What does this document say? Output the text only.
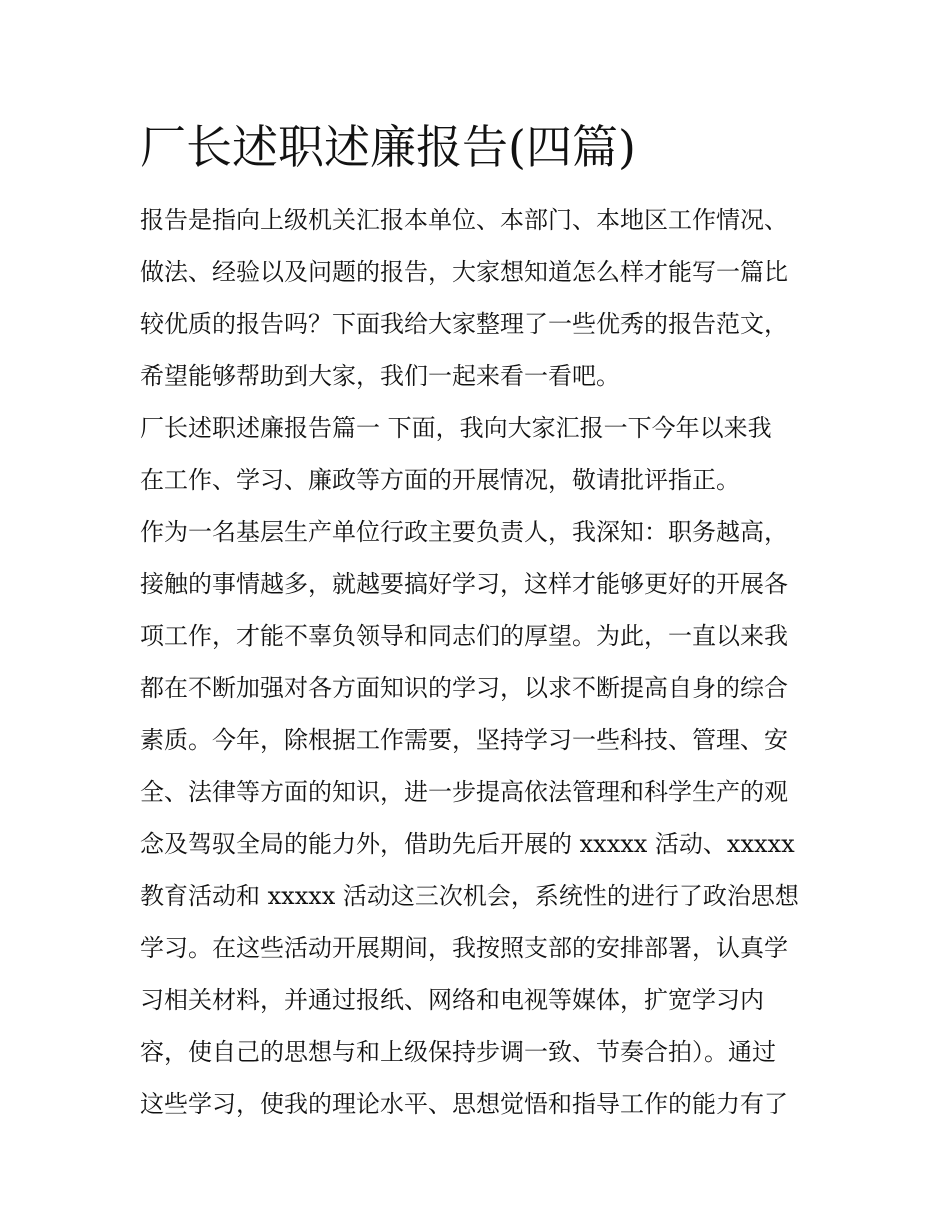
厂长述职述廉报告(四篇)
报告是指向上级机关汇报本单位、本部门、本地区工作情况、
做法、经验以及问题的报告，大家想知道怎么样才能写一篇比
较优质的报告吗？下面我给大家整理了一些优秀的报告范文，
希望能够帮助到大家，我们一起来看一看吧。
厂长述职述廉报告篇一 下面，我向大家汇报一下今年以来我
在工作、学习、廉政等方面的开展情况，敬请批评指正。
作为一名基层生产单位行政主要负责人，我深知：职务越高，
接触的事情越多，就越要搞好学习，这样才能够更好的开展各
项工作，才能不辜负领导和同志们的厚望。为此，一直以来我
都在不断加强对各方面知识的学习，以求不断提高自身的综合
素质。今年，除根据工作需要，坚持学习一些科技、管理、安
全、法律等方面的知识，进一步提高依法管理和科学生产的观
念及驾驭全局的能力外，借助先后开展的 xxxxx 活动、xxxxx
教育活动和 xxxxx 活动这三次机会，系统性的进行了政治思想
学习。在这些活动开展期间，我按照支部的安排部署，认真学
习相关材料，并通过报纸、网络和电视等媒体，扩宽学习内
容，使自己的思想与和上级保持步调一致、节奏合拍）。通过
这些学习，使我的理论水平、思想觉悟和指导工作的能力有了
